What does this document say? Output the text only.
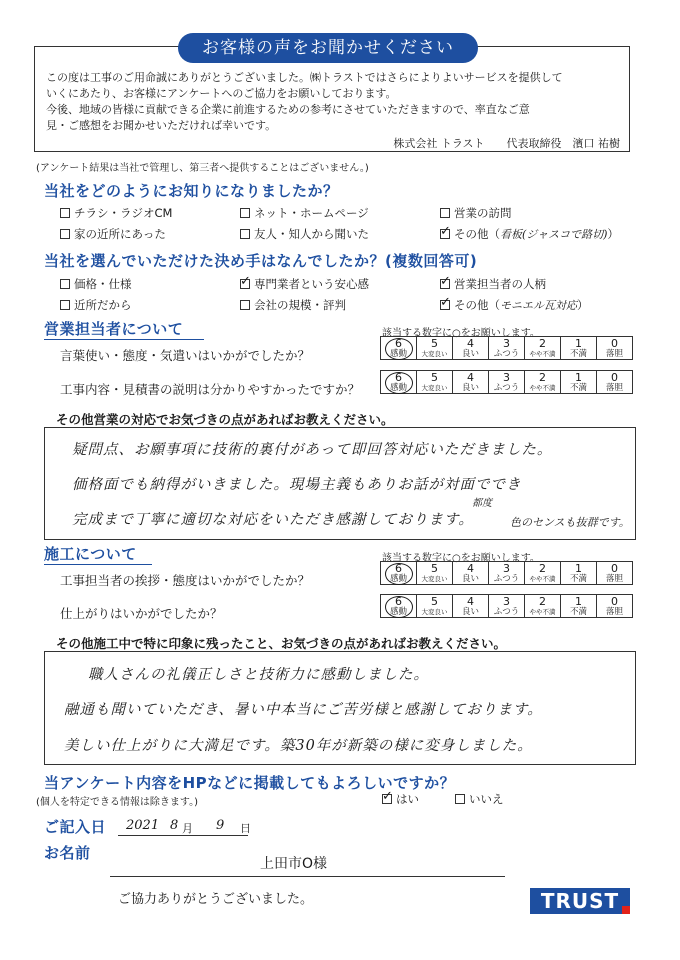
お客様の声をお聞かせください
この度は工事のご用命誠にありがとうございました。㈱トラストではさらによりよいサービスを提供して
いくにあたり、お客様にアンケートへのご協力をお願いしております。
今後、地域の皆様に貢献できる企業に前進するための参考にさせていただきますので、率直なご意
見・ご感想をお聞かせいただければ幸いです。
株式会社 トラスト　　代表取締役　濱口 祐樹
(アンケート結果は当社で管理し、第三者へ提供することはございません。)
当社をどのようにお知りになりましたか？
チラシ・ラジオCM	ネット・ホームページ	営業の訪問
家の近所にあった	友人・知人から聞いた ✓	その他（看板(ジャスコで路切)）
当社を選んでいただけた決め手はなんでしたか？(複数回答可)
価格・仕様 ✓	専門業者という安心感 ✓	営業担当者の人柄
近所だから	会社の規模・評判 ✓	その他（モニエル瓦対応）
営業担当者について	該当する数字に○をお願いします。
言葉使い・態度・気遣いはいかがでしたか？
工事内容・見積書の説明は分かりやすかったですか？
6
感動

5
大変良い

4
良い

3
ふつう

2
やや不満

1
不満

0
落胆
6
感動

5
大変良い

4
良い

3
ふつう

2
やや不満

1
不満

0
落胆
その他営業の対応でお気づきの点があればお教えください。
疑問点、お願事項に技術的裏付があって即回答対応いただきました。
価格面でも納得がいきました。現場主義もありお話が対面ででき
都度
完成まで丁寧に適切な対応をいただき感謝しております。	色のセンスも抜群です。
施工について	該当する数字に○をお願いします。
工事担当者の挨拶・態度はいかがでしたか？
仕上がりはいかがでしたか？
6
感動

5
大変良い

4
良い

3
ふつう

2
やや不満

1
不満

0
落胆
6
感動

5
大変良い

4
良い

3
ふつう

2
やや不満

1
不満

0
落胆
その他施工中で特に印象に残ったこと、お気づきの点があればお教えください。
職人さんの礼儀正しさと技術力に感動しました。
融通も聞いていただき、暑い中本当にご苦労様と感謝しております。
美しい仕上がりに大満足です。築30年が新築の様に変身しました。
当アンケート内容をHPなどに掲載してもよろしいですか？
(個人を特定できる情報は除きます。) ✓	はい	いいえ
ご記入日 2021 8 月 9 日
お名前
上田市O様
ご協力ありがとうございました。	TRUST
